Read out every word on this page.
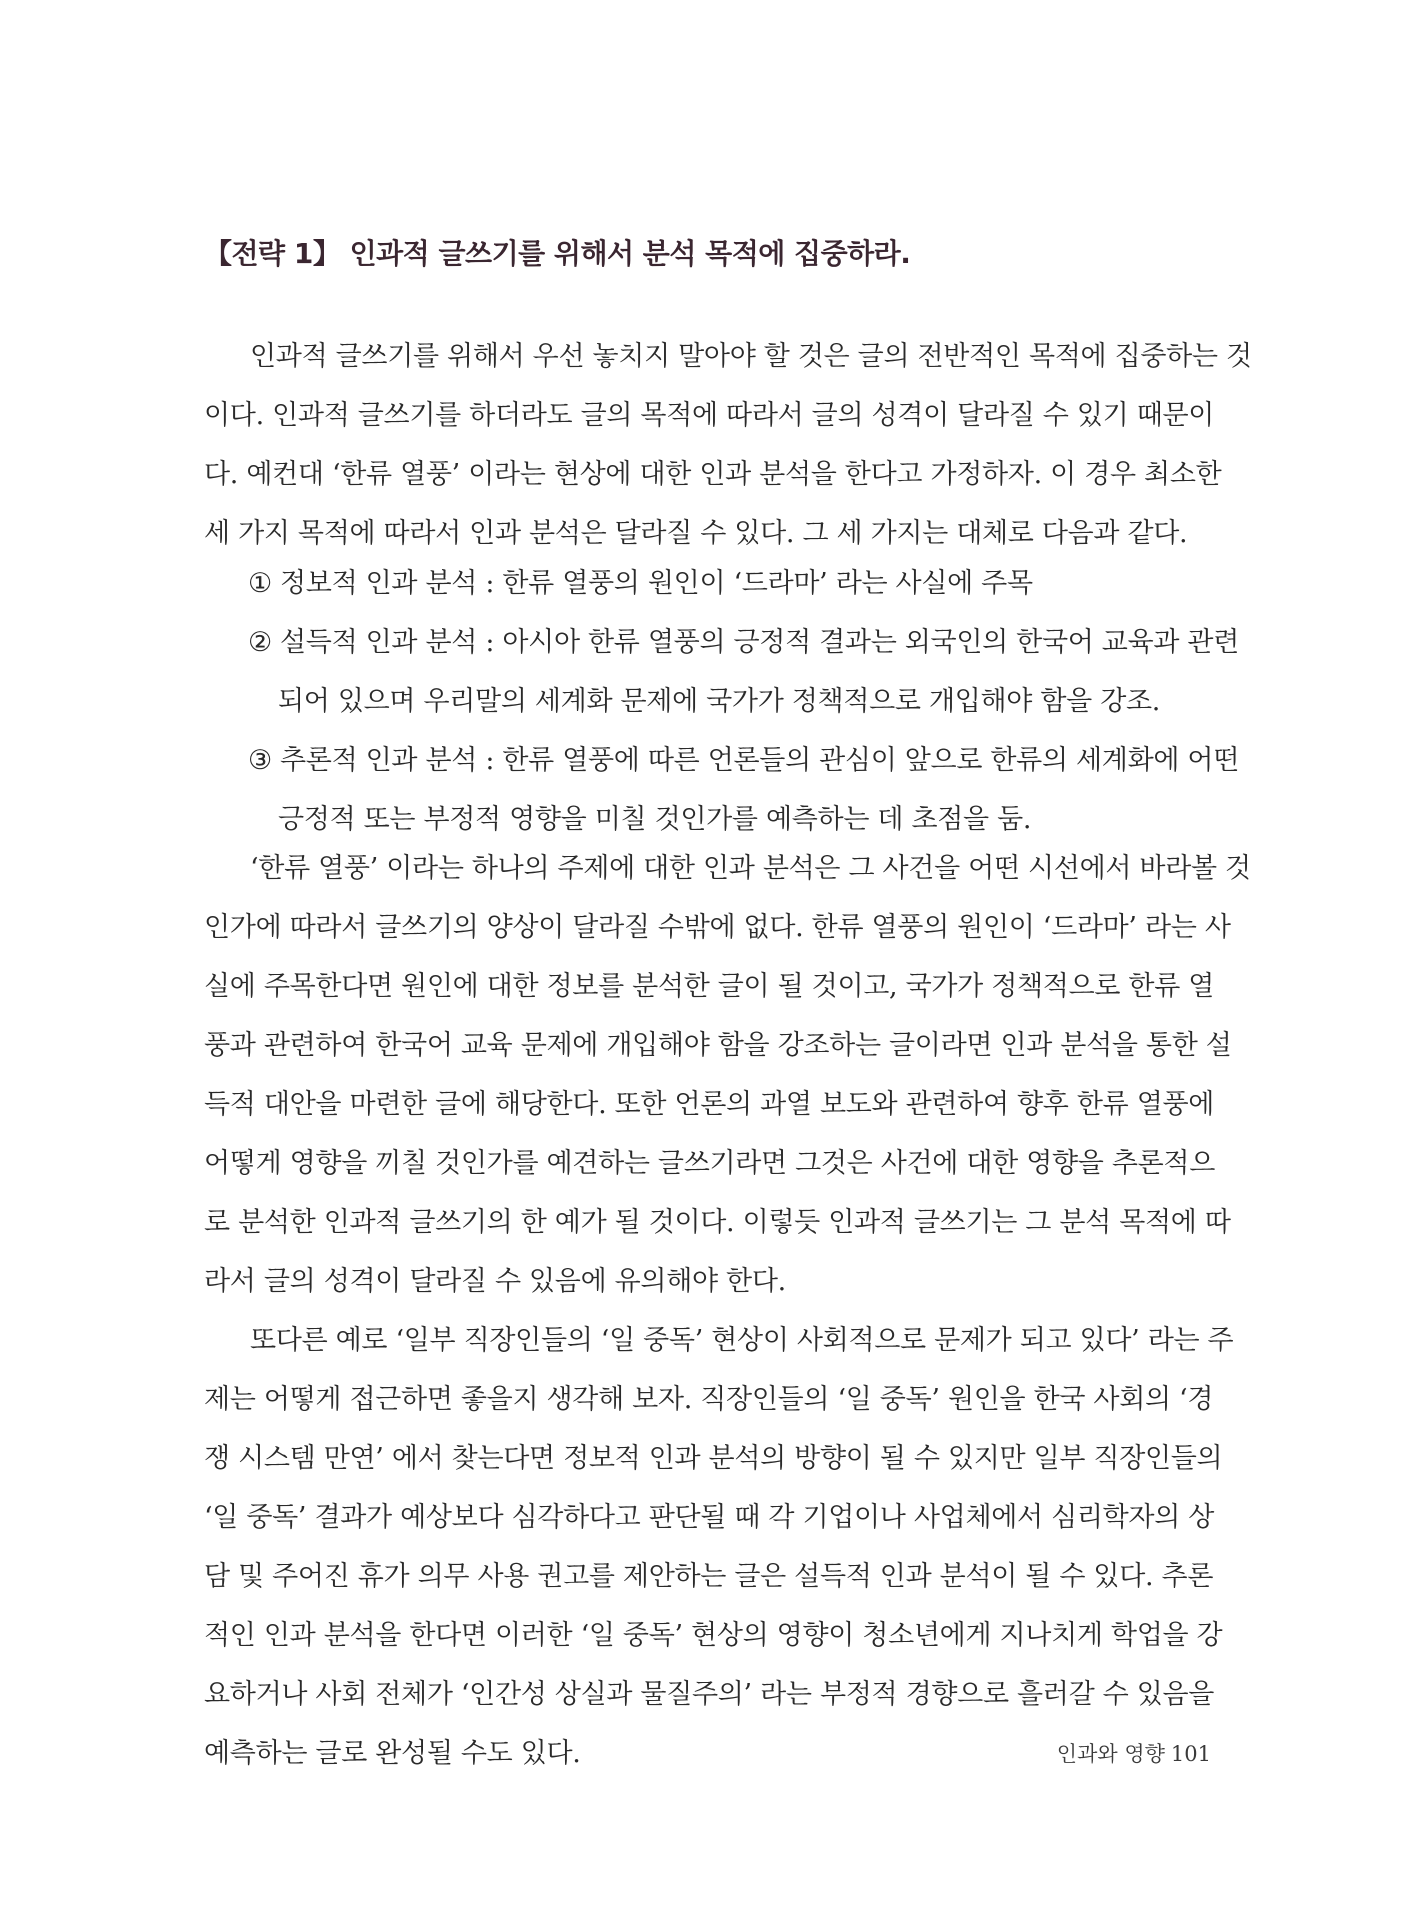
【전략 1】 인과적 글쓰기를 위해서 분석 목적에 집중하라.
인과적 글쓰기를 위해서 우선 놓치지 말아야 할 것은 글의 전반적인 목적에 집중하는 것
이다. 인과적 글쓰기를 하더라도 글의 목적에 따라서 글의 성격이 달라질 수 있기 때문이
다. 예컨대 ‘한류 열풍’ 이라는 현상에 대한 인과 분석을 한다고 가정하자. 이 경우 최소한
세 가지 목적에 따라서 인과 분석은 달라질 수 있다. 그 세 가지는 대체로 다음과 같다.
① 정보적 인과 분석 : 한류 열풍의 원인이 ‘드라마’ 라는 사실에 주목
② 설득적 인과 분석 : 아시아 한류 열풍의 긍정적 결과는 외국인의 한국어 교육과 관련
되어 있으며 우리말의 세계화 문제에 국가가 정책적으로 개입해야 함을 강조.
③ 추론적 인과 분석 : 한류 열풍에 따른 언론들의 관심이 앞으로 한류의 세계화에 어떤
긍정적 또는 부정적 영향을 미칠 것인가를 예측하는 데 초점을 둠.
‘한류 열풍’ 이라는 하나의 주제에 대한 인과 분석은 그 사건을 어떤 시선에서 바라볼 것
인가에 따라서 글쓰기의 양상이 달라질 수밖에 없다. 한류 열풍의 원인이 ‘드라마’ 라는 사
실에 주목한다면 원인에 대한 정보를 분석한 글이 될 것이고, 국가가 정책적으로 한류 열
풍과 관련하여 한국어 교육 문제에 개입해야 함을 강조하는 글이라면 인과 분석을 통한 설
득적 대안을 마련한 글에 해당한다. 또한 언론의 과열 보도와 관련하여 향후 한류 열풍에
어떻게 영향을 끼칠 것인가를 예견하는 글쓰기라면 그것은 사건에 대한 영향을 추론적으
로 분석한 인과적 글쓰기의 한 예가 될 것이다. 이렇듯 인과적 글쓰기는 그 분석 목적에 따
라서 글의 성격이 달라질 수 있음에 유의해야 한다.
또다른 예로 ‘일부 직장인들의 ‘일 중독’ 현상이 사회적으로 문제가 되고 있다’ 라는 주
제는 어떻게 접근하면 좋을지 생각해 보자. 직장인들의 ‘일 중독’ 원인을 한국 사회의 ‘경
쟁 시스템 만연’ 에서 찾는다면 정보적 인과 분석의 방향이 될 수 있지만 일부 직장인들의
‘일 중독’ 결과가 예상보다 심각하다고 판단될 때 각 기업이나 사업체에서 심리학자의 상
담 및 주어진 휴가 의무 사용 권고를 제안하는 글은 설득적 인과 분석이 될 수 있다. 추론
적인 인과 분석을 한다면 이러한 ‘일 중독’ 현상의 영향이 청소년에게 지나치게 학업을 강
요하거나 사회 전체가 ‘인간성 상실과 물질주의’ 라는 부정적 경향으로 흘러갈 수 있음을
예측하는 글로 완성될 수도 있다.	인과와 영향 101
